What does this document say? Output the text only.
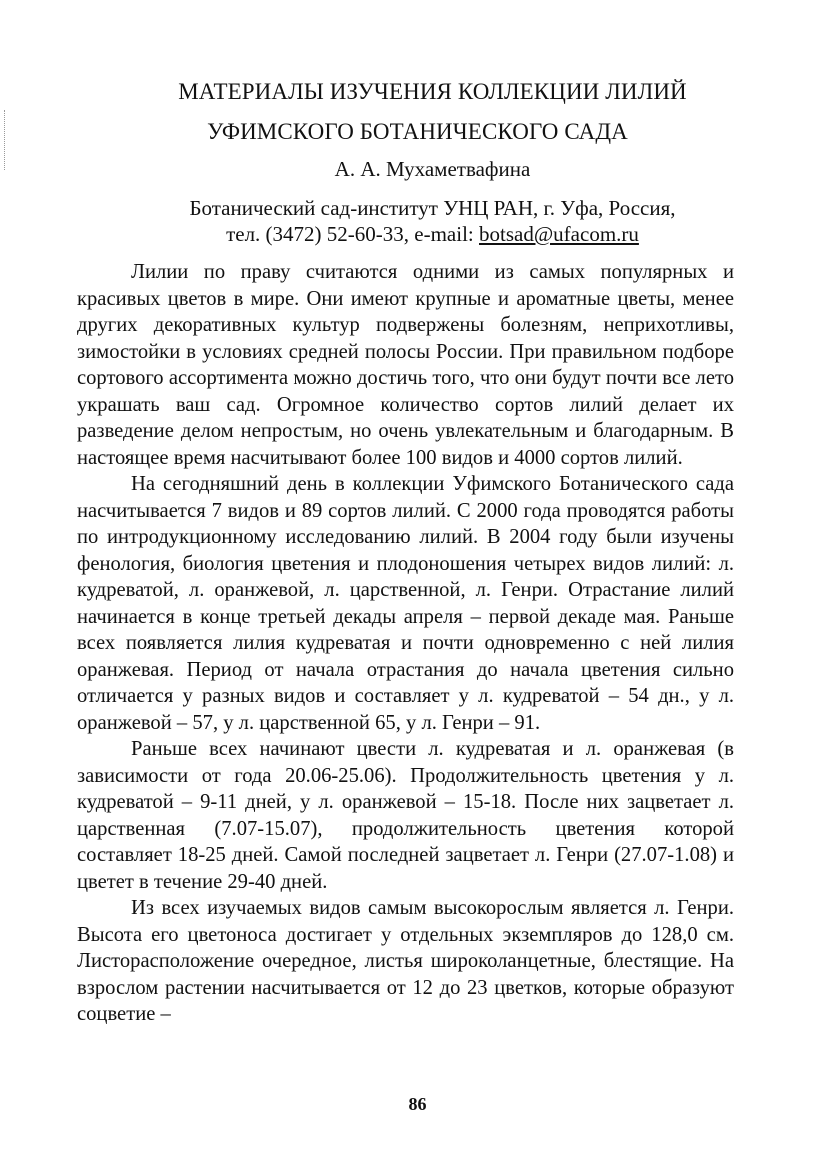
МАТЕРИАЛЫ ИЗУЧЕНИЯ КОЛЛЕКЦИИ ЛИЛИЙ
УФИМСКОГО БОТАНИЧЕСКОГО САДА
А. А. Мухаметвафина
Ботанический сад-институт УНЦ РАН, г. Уфа, Россия,
тел. (3472) 52-60-33, e-mail: botsad@ufacom.ru

Лилии по праву считаются одними из самых популярных и красивых цветов в мире. Они имеют крупные и ароматные цветы, менее других декоративных культур подвержены болезням, неприхотливы, зимостойки в условиях средней полосы России. При правильном подборе сортового ассортимента можно достичь того, что они будут почти все лето украшать ваш сад. Огромное количество сортов лилий делает их разведение делом непростым, но очень увлекательным и благодарным. В настоящее время насчитывают более 100 видов и 4000 сортов лилий.

На сегодняшний день в коллекции Уфимского Ботанического сада насчитывается 7 видов и 89 сортов лилий. С 2000 года проводятся работы по интродукционному исследованию лилий. В 2004 году были изучены фенология, биология цветения и плодоношения четырех видов лилий: л. кудреватой, л. оранжевой, л. царственной, л. Генри. Отрастание лилий начинается в конце третьей декады апреля – первой декаде мая. Раньше всех появляется лилия кудреватая и почти одновременно с ней лилия оранжевая. Период от начала отрастания до начала цветения сильно отличается у разных видов и составляет у л. кудреватой – 54 дн., у л. оранжевой – 57, у л. царственной 65, у л. Генри – 91.

Раньше всех начинают цвести л. кудреватая и л. оранжевая (в зависимости от года 20.06-25.06). Продолжительность цветения у л. кудреватой – 9-11 дней, у л. оранжевой – 15-18. После них зацветает л. царственная (7.07-15.07), продолжительность цветения которой составляет 18-25 дней. Самой последней зацветает л. Генри (27.07-1.08) и цветет в течение 29-40 дней.

Из всех изучаемых видов самым высокорослым является л. Генри. Высота его цветоноса достигает у отдельных экземпляров до 128,0 см. Листорасположение очередное, листья широколанцетные, блестящие. На взрослом растении насчитывается от 12 до 23 цветков, которые образуют соцветие –

86
